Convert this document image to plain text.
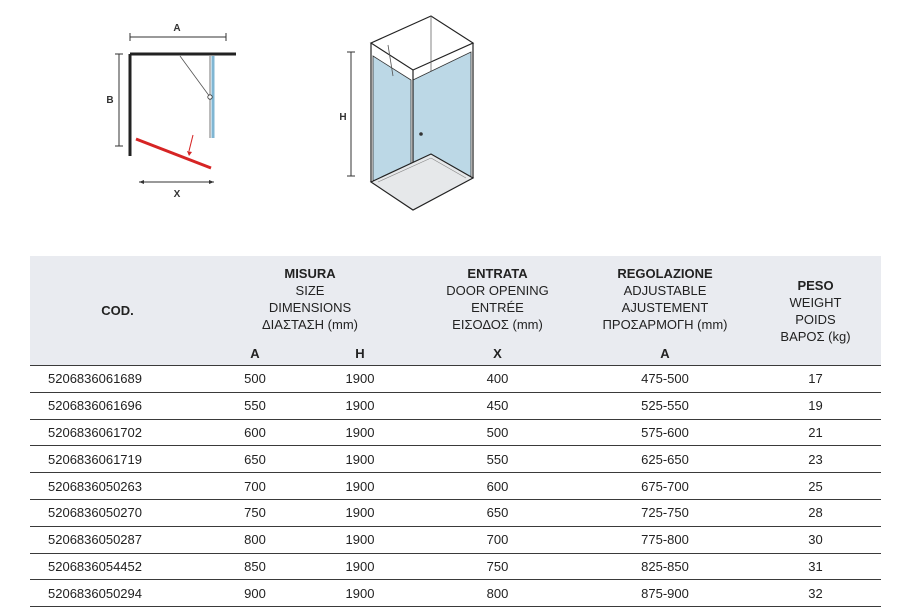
A
B
X
H
COD.	MISURA
SIZE
DIMENSIONS
ΔΙΑΣΤΑΣΗ (mm)		ENTRATA
DOOR OPENING
ENTRÉE
ΕΙΣΟΔΟΣ (mm)	REGOLAZIONE
ADJUSTABLE
AJUSTEMENT
ΠΡΟΣΑΡΜΟΓΗ (mm)	PESO
WEIGHT
POIDS
ΒΑΡΟΣ (kg)

	A	H	X	A	
5206836061689	500	1900	400	475-500	17
5206836061696	550	1900	450	525-550	19
5206836061702	600	1900	500	575-600	21
5206836061719	650	1900	550	625-650	23
5206836050263	700	1900	600	675-700	25
5206836050270	750	1900	650	725-750	28
5206836050287	800	1900	700	775-800	30
5206836054452	850	1900	750	825-850	31
5206836050294	900	1900	800	875-900	32
